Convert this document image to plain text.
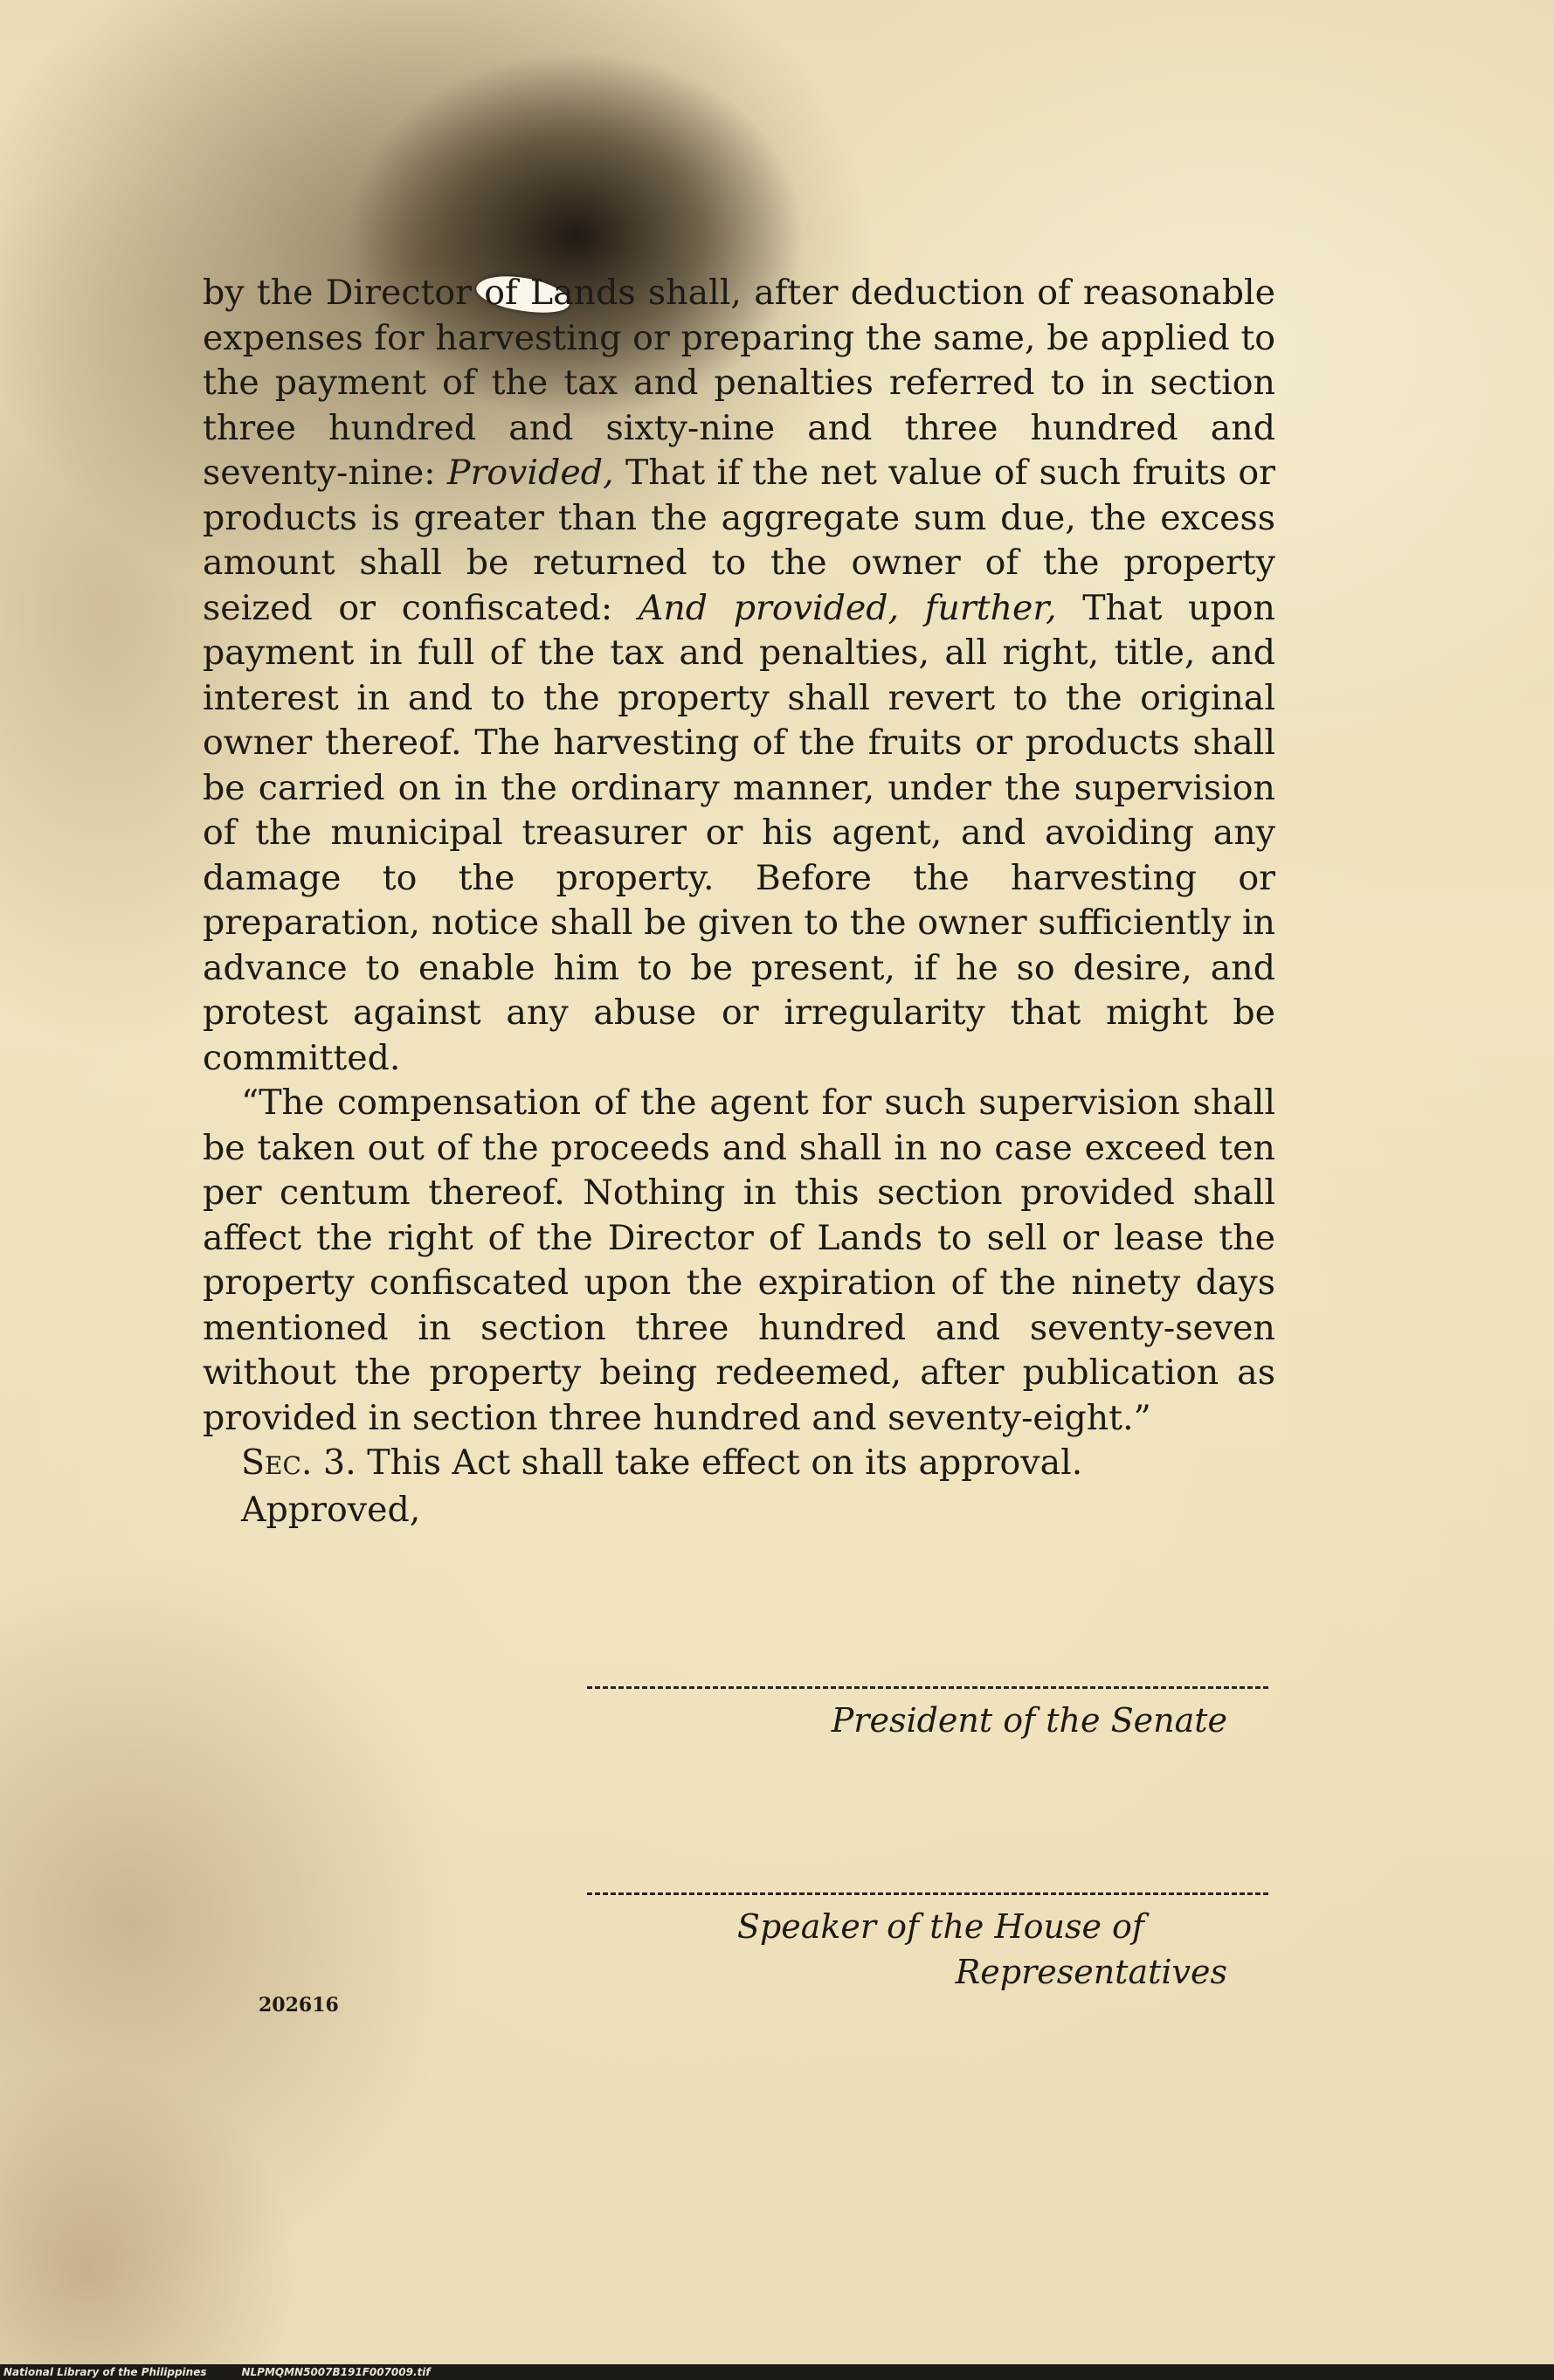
by the Director of Lands shall, after deduction of reasonable expenses for harvesting or preparing the same, be applied to the payment of the tax and penalties referred to in section three hundred and sixty-nine and three hundred and seventy-nine: Provided, That if the net value of such fruits or products is greater than the aggregate sum due, the excess amount shall be returned to the owner of the property seized or confiscated: And provided, further, That upon payment in full of the tax and penalties, all right, title, and interest in and to the property shall revert to the original owner thereof. The harvesting of the fruits or products shall be carried on in the ordinary manner, under the supervision of the municipal treasurer or his agent, and avoiding any damage to the property. Before the harvesting or preparation, notice shall be given to the owner sufficiently in advance to enable him to be present, if he so desire, and protest against any abuse or irregularity that might be committed.

“The compensation of the agent for such supervision shall be taken out of the proceeds and shall in no case exceed ten per centum thereof. Nothing in this section provided shall affect the right of the Director of Lands to sell or lease the property confiscated upon the expiration of the ninety days mentioned in section three hundred and seventy-seven without the property being redeemed, after publication as provided in section three hundred and seventy-eight.”

Sec. 3. This Act shall take effect on its approval.

Approved,

President of the Senate
Speaker of the House of
Representatives
202616
National Library of the Philippines	NLPMQMN5007B191F007009.tif
